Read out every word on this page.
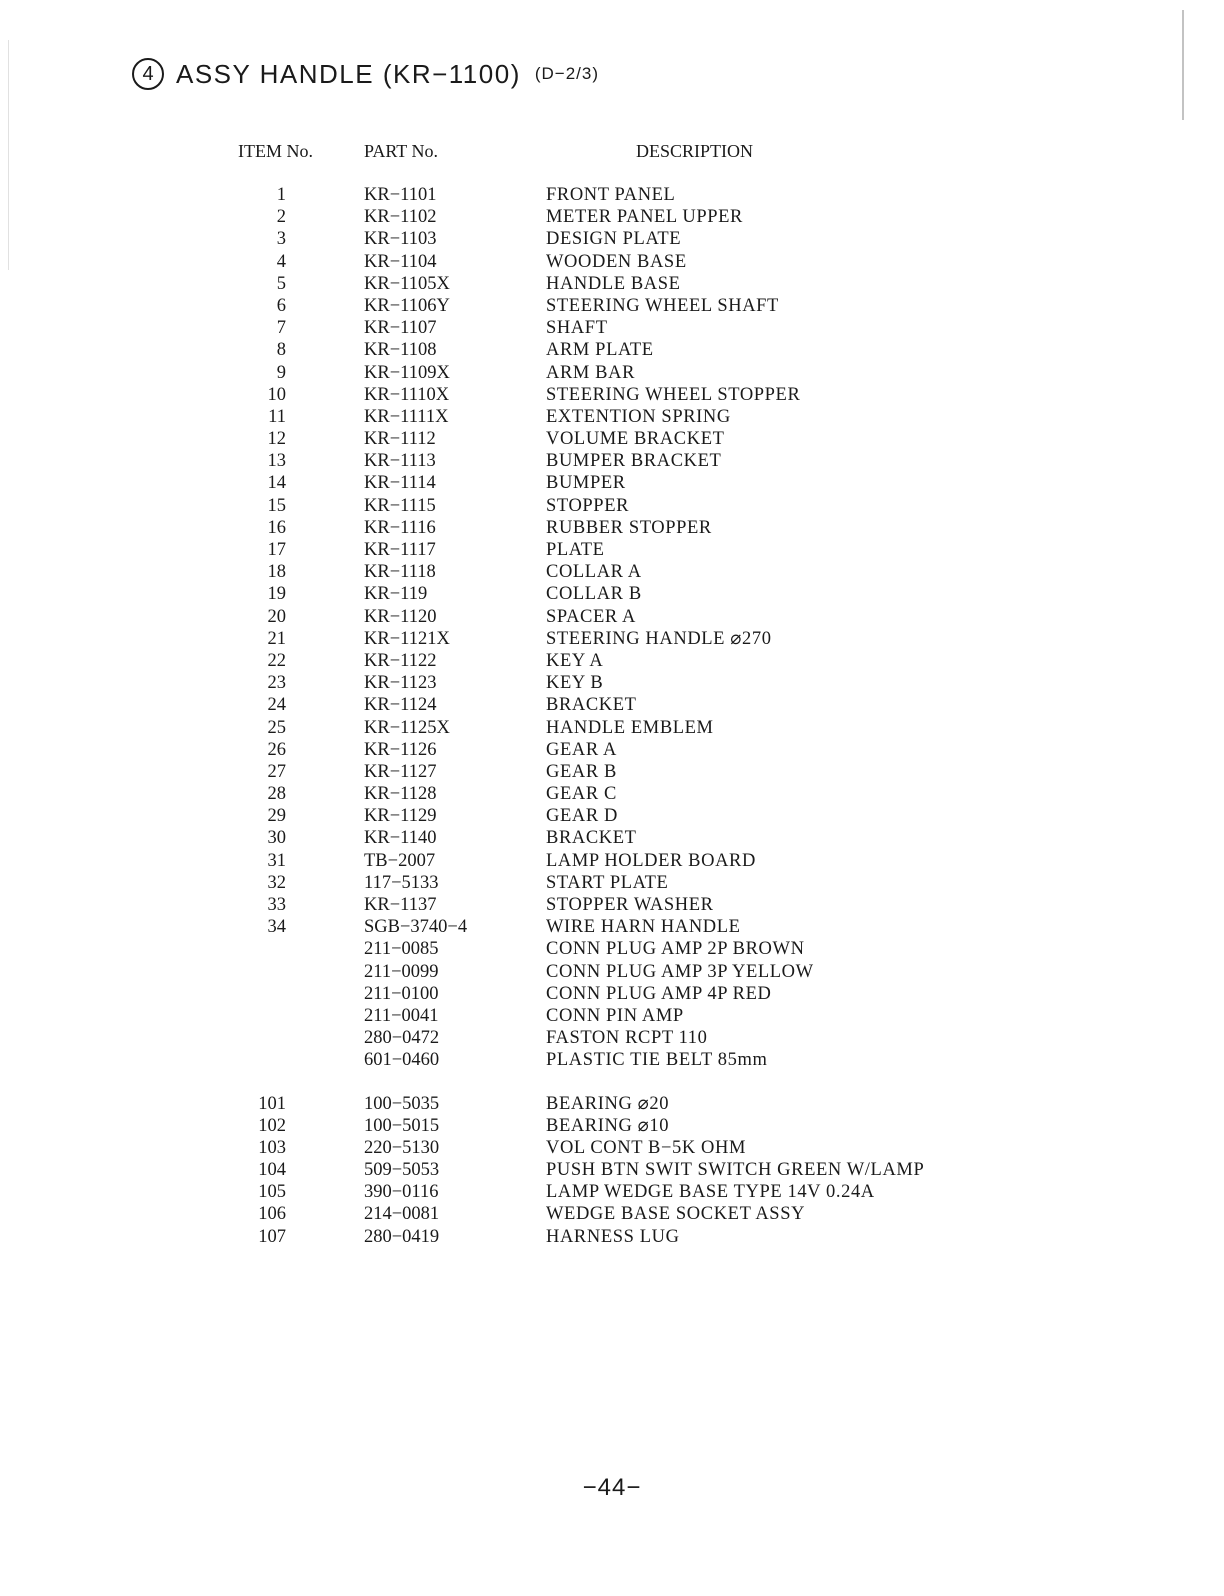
4 ASSY HANDLE (KR−1100) (D−2/3)
ITEM No.	PART No.	DESCRIPTION
1	KR−1101	FRONT PANEL
2	KR−1102	METER PANEL UPPER
3	KR−1103	DESIGN PLATE
4	KR−1104	WOODEN BASE
5	KR−1105X	HANDLE BASE
6	KR−1106Y	STEERING WHEEL SHAFT
7	KR−1107	SHAFT
8	KR−1108	ARM PLATE
9	KR−1109X	ARM BAR
10	KR−1110X	STEERING WHEEL STOPPER
11	KR−1111X	EXTENTION SPRING
12	KR−1112	VOLUME BRACKET
13	KR−1113	BUMPER BRACKET
14	KR−1114	BUMPER
15	KR−1115	STOPPER
16	KR−1116	RUBBER STOPPER
17	KR−1117	PLATE
18	KR−1118	COLLAR A
19	KR−119	COLLAR B
20	KR−1120	SPACER A
21	KR−1121X	STEERING HANDLE ⌀270
22	KR−1122	KEY A
23	KR−1123	KEY B
24	KR−1124	BRACKET
25	KR−1125X	HANDLE EMBLEM
26	KR−1126	GEAR A
27	KR−1127	GEAR B
28	KR−1128	GEAR C
29	KR−1129	GEAR D
30	KR−1140	BRACKET
31	TB−2007	LAMP HOLDER BOARD
32	117−5133	START PLATE
33	KR−1137	STOPPER WASHER
34	SGB−3740−4	WIRE HARN HANDLE
211−0085	CONN PLUG AMP 2P BROWN
211−0099	CONN PLUG AMP 3P YELLOW
211−0100	CONN PLUG AMP 4P RED
211−0041	CONN PIN AMP
280−0472	FASTON RCPT 110
601−0460	PLASTIC TIE BELT 85mm
101	100−5035	BEARING ⌀20
102	100−5015	BEARING ⌀10
103	220−5130	VOL CONT B−5K OHM
104	509−5053	PUSH BTN SWIT SWITCH GREEN W/LAMP
105	390−0116	LAMP WEDGE BASE TYPE 14V 0.24A
106	214−0081	WEDGE BASE SOCKET ASSY
107	280−0419	HARNESS LUG
−44−
